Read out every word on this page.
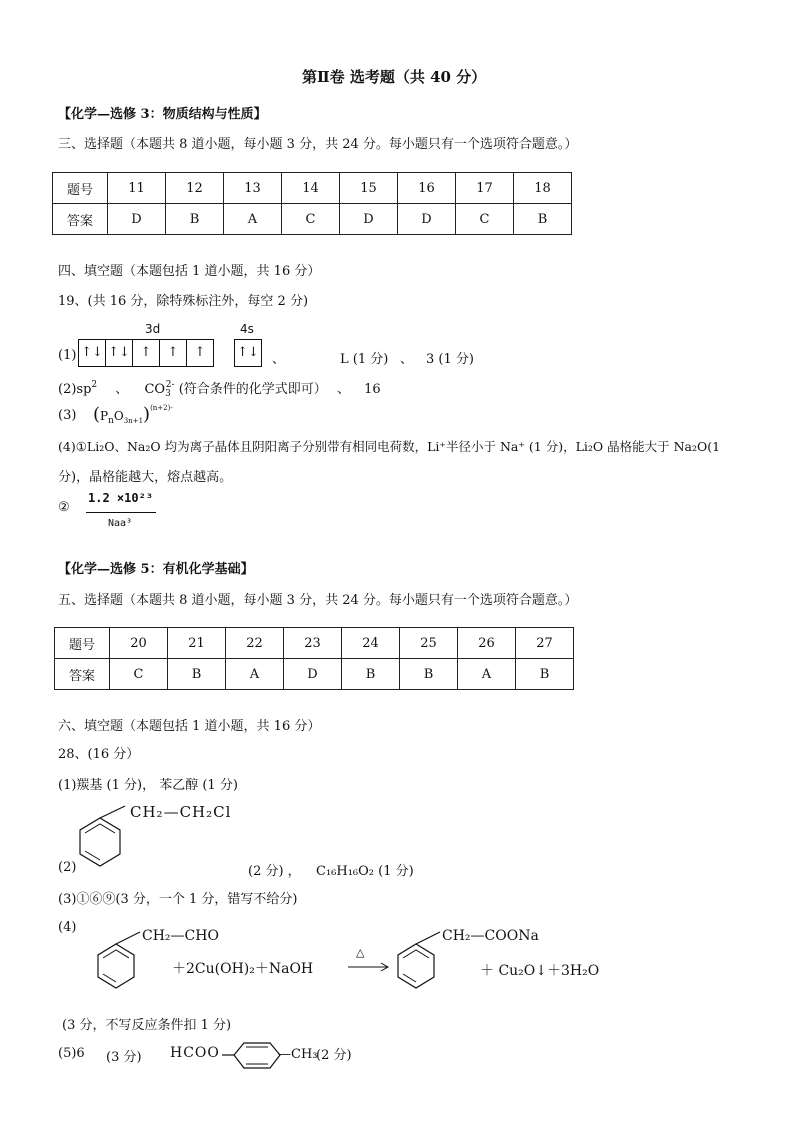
第Ⅱ卷 选考题（共 40 分）
【化学—选修 3：物质结构与性质】
三、选择题（本题共 8 道小题，每小题 3 分，共 24 分。每小题只有一个选项符合题意。）
题号	11	12	13	14	15	16	17	18
答案	D	B	A	C	D	D	C	B
四、填空题（本题包括 1 道小题，共 16 分）
19、(共 16 分，除特殊标注外，每空 2 分)
3d	4s
(1) ↑↓ ↑↓ ↑	↑	↑	↑↓ 、	L (1 分) 、 3 (1 分)
$(2)sp^2$ 、 $CO_3^{2-}$ (符合条件的化学式即可） 、 16
(3) $(P_nO_{3n+1})^{(n+2)-}$
(4)①Li₂O、Na₂O 均为离子晶体且阴阳离子分别带有相同电荷数，Li⁺半径小于 Na⁺ (1 分)，Li₂O 晶格能大于 Na₂O(1
分)，晶格能越大，熔点越高。
②
1.2 ×10²³
Naa³
【化学—选修 5：有机化学基础】
五、选择题（本题共 8 道小题，每小题 3 分，共 24 分。每小题只有一个选项符合题意。）
题号	20	21	22	23	24	25	26	27
答案	C	B	A	D	B	B	A	B
六、填空题（本题包括 1 道小题，共 16 分）
28、(16 分）
(1)羰基 (1 分)， 苯乙醇 (1 分)
CH₂—CH₂Cl
(2)	(2 分) ， C₁₆H₁₆O₂ (1 分)
(3)①⑥⑨(3 分，一个 1 分，错写不给分)
(4)
CH₂—CHO
＋2Cu(OH)₂＋NaOH
△
CH₂—COONa
＋ Cu₂O↓＋3H₂O
(3 分，不写反应条件扣 1 分)
(5)6 (3 分) HCOO	—CH₃
(2 分)
